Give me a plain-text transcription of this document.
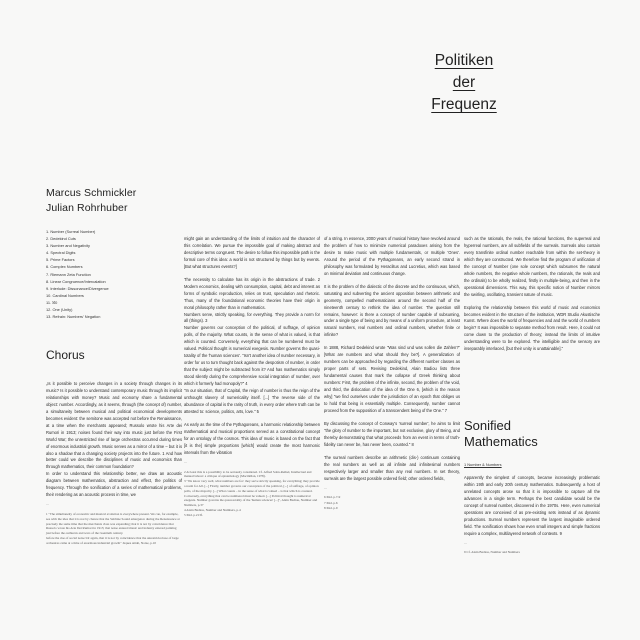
Politiken
der
Frequenz
Marcus Schmickler
Julian Rohrhuber
1. Number (Surreal Number)
2. Dedekind Cuts
3. Number and Negativity
4. Spectral Digits
5. Prime Factors
6. Complex Numbers
7. Riemann Zeta Function
8. Linear Congruence/Intercalation
9. Interlude: Dissonance/Divergence
10. Cardinal Numbers
11. ℵ0
12. One (Unity)
13. Refrain: Numbers' Negation
Chorus

„Is it possible to perceive changes in a society through changes in its music? Is it possible to understand contemporary music through its implicit relationships with money? Music and economy share a fundamental object: number. Accordingly, as it seems, through (the concept of) number, a simultaneity between musical and political economical developments becomes evident: the semitone was accepted not before the Renaissance, at a time when the merchants appeared; Russolo wrote his Arte dei Rumori in 1913; noises found their way into music just before the First World War; the unrestricted rise of large orchestras occurred during times of enormous industrial growth. Music serves as a mirror of a time – but it is also a shadow that a changing society projects into the future. 1 And how better could we describe the disciplines of music and economics than through mathematics, their common foundation?

In order to understand this relationship better, we draw an acoustic diagram between mathematics, abstraction and effect, the politics of frequency. Through the sonification of a series of mathematical problems, their rendering as an acoustic process in time, we

...
1 "The simultaneity of economic and musical evolution is everywhere present. We can, for example, see with the idea that it is not by chance that the Sabbine Sound emergence during the Renaissance at precisely the same time that the merchants class was expanding; that it is not by coincidence that Russolo wrote his Arte Dei Rumori in 1913; that noise entered music and industry entered painting just before the outbursts and wars of the twentieth century.
before the rise of social noise.'Or again, that it is not by coincidence that the unrestricted use of large orchestras came at a time of enormous industrial growth" Jaques Attali, Noise, p.10

might gain an understanding of the limits of intuition and the character of this correlation. We pursue the impossible goal of making abstract and descriptive terms congruent. The desire to follow this impossible path is the formal core of this idea: a world is not structured by things but by events. [But what structures events?]

The necessity to calculate has its origin in the abstractions of trade. 2 Modern economics, dealing with consumption, capital, debt and interest as forms of symbolic reproduction, relies on trust, speculation and rhetoric. Thus, many of the foundational economic theories have their origin in moral philosophy rather than in mathematics.

Numbers serve, strictly speaking, for everything. They provide a norm for all (things). 3

Number governs our conception of the political, of suffrage, of opinion polls, of the majority. What counts, in the sense of what is valued, is that which is counted. Conversely, everything that can be numbered must be valued. Political thought is numerical exegesis. Number governs the quasi-totality of the 'human sciences'. "Isn't another idea of number necessary, in order for us to turn thought back against the despotism of number, in order that the subject might be subtracted from it? And has mathematics simply stood silently during the comprehensive social integration of number, over which it formerly had monopoly?" 4

"In our situation, that of Capital, the reign of number is thus the reign of the unthought slavery of numericality itself. [...] The reverse side of the abundance of capital is the rarity of truth, in every order where truth can be attested to: science, politics, arts, love." 5

As early as the time of the Pythagoreans, a harmonic relationship between mathematical and musical proportions served as a constitutional concept for an ontology of the cosmos. This idea of music is based on the fact that [it is the] simple proportions [which] would create the most harmonic intervals from the vibration

...
2 At least this is a possibility to be seriously considered. Cf. Alfred Sohn-Rethel, Intellectual and manual labour: a critique of epistemology (Macmillan, 1978).
3 "We know very well, what numbers are for: they serve strictly speaking, for everything; they provide a norm for All. [...] Firstly, number governs our conception of the political, [...] of suffrage, of opinion polls, of the majority. [...] What counts – in the sense of what is valued – is that which is counted. Conversely, everything that can be numbered must be valued. [...] Political thought is numerical exegesis. Number governs the quasi-totality of the 'human sciences' [...]", Alain Badiou, Number and Numbers, p.37
4 Alain Badiou, Number and Numbers, p.4
5 Ibid. p.213f.

of a string. In essence, 2000 years of musical history have revolved around the problem of how to minimize numerical paradoxes arising from the desire to make music with multiple fundamentals, or multiple 'Ones'. Around the period of the Pythagoreans, an early second strand in philosophy was formulated by Heraclitus and Lucretius, which was based on minimal deviation and continuous change.

It is the problem of the dialectic of the discrete and the continuous, which, saturating and subverting the ancient opposition between arithmetic and geometry, compelled mathematicians around the second half of the nineteenth century to rethink the idea of number. The question still remains, however: is there a concept of number capable of subsuming, under a single type of being and by means of a uniform procedure, at least natural numbers, real numbers and ordinal numbers, whether finite or infinite?

In 1888, Richard Dedekind wrote "Was sind und was sollen die Zahlen?" [What are numbers and what should they be?]. A generalization of numbers can be approached by regarding the different number classes as proper parts of sets. Revising Dedekind, Alain Badiou lists three fundamental causes that mark the collapse of Greek thinking about numbers: First, the problem of the infinite, second, the problem of the void, and third, the dislocation of the idea of the One 6, [which is the reason why] "we find ourselves under the jurisdiction of an epoch that obliges us to hold that being is essentially multiple. Consequently, number cannot proceed from the supposition of a transcendent being of the One." 7

By discussing the concept of Conway's 'surreal number', he aims to limit "the glory of number to the important, but not exclusive, glory of Being, and thereby demonstrating that what proceeds from an event in terms of truth-fidelity can never be, has never been, counted." 8

The surreal numbers describe an arithmetic (dis-) continuum containing the real numbers as well as all infinite and infinitesimal numbers respectively larger and smaller than any real numbers. In set theory, surreals are the largest possible ordered field; other ordered fields,

...
6 Ibid. p.7-9
7 Ibid. p.6
8 Ibid. p.9

such as the rationals, the reals, the rational functions, the superreal and hyperreal numbers, are all subfields of the surreals. Surreals also contain every transfinite ordinal number reachable from within the set-theory in which they are constructed. We therefore find the program of unification of the concept of Number (one sole concept which subsumes the natural whole numbers, the negative whole numbers, the rationals, the reals and the ordinals) to be wholly realized, firstly in multiple-being, and then in the operational dimensions. This way, this specific notion of Number mirrors the swirling, oscillating, transient nature of music.

Exploring the relationship between this world of music and economics becomes evident in the structure of the institution, WDR Studio Akustische Kunst. Where does the world of frequencies and and the world of numbers begin? It was impossible to separate method from result. Here, it could not come down to the production of theory; instead the limits of intuitive understanding were to be explored. The intelligible and the sensory are inseparably interlaced, [but their unity is unattainable]."

Sonified
Mathematics
1 Number & Numbers

Apparently the simplest of concepts, became increasingly problematic within 19th and early 20th century mathematics. Subsequently, a host of unrelated concepts arose so that it is impossible to capture all the advances in a single term. Perhaps the best candidate would be the concept of surreal number, discovered in the 1970s. Here, even numerical operations are conceived of as pre-existing sets instead of as dynamic productions. Surreal numbers represent the largest imaginable ordered field. The sonification shows how even small integers and simple fractions require a complex, multilayered network of contexts. 9

...
9 Cf. Alain Badiou, Number and Numbers
